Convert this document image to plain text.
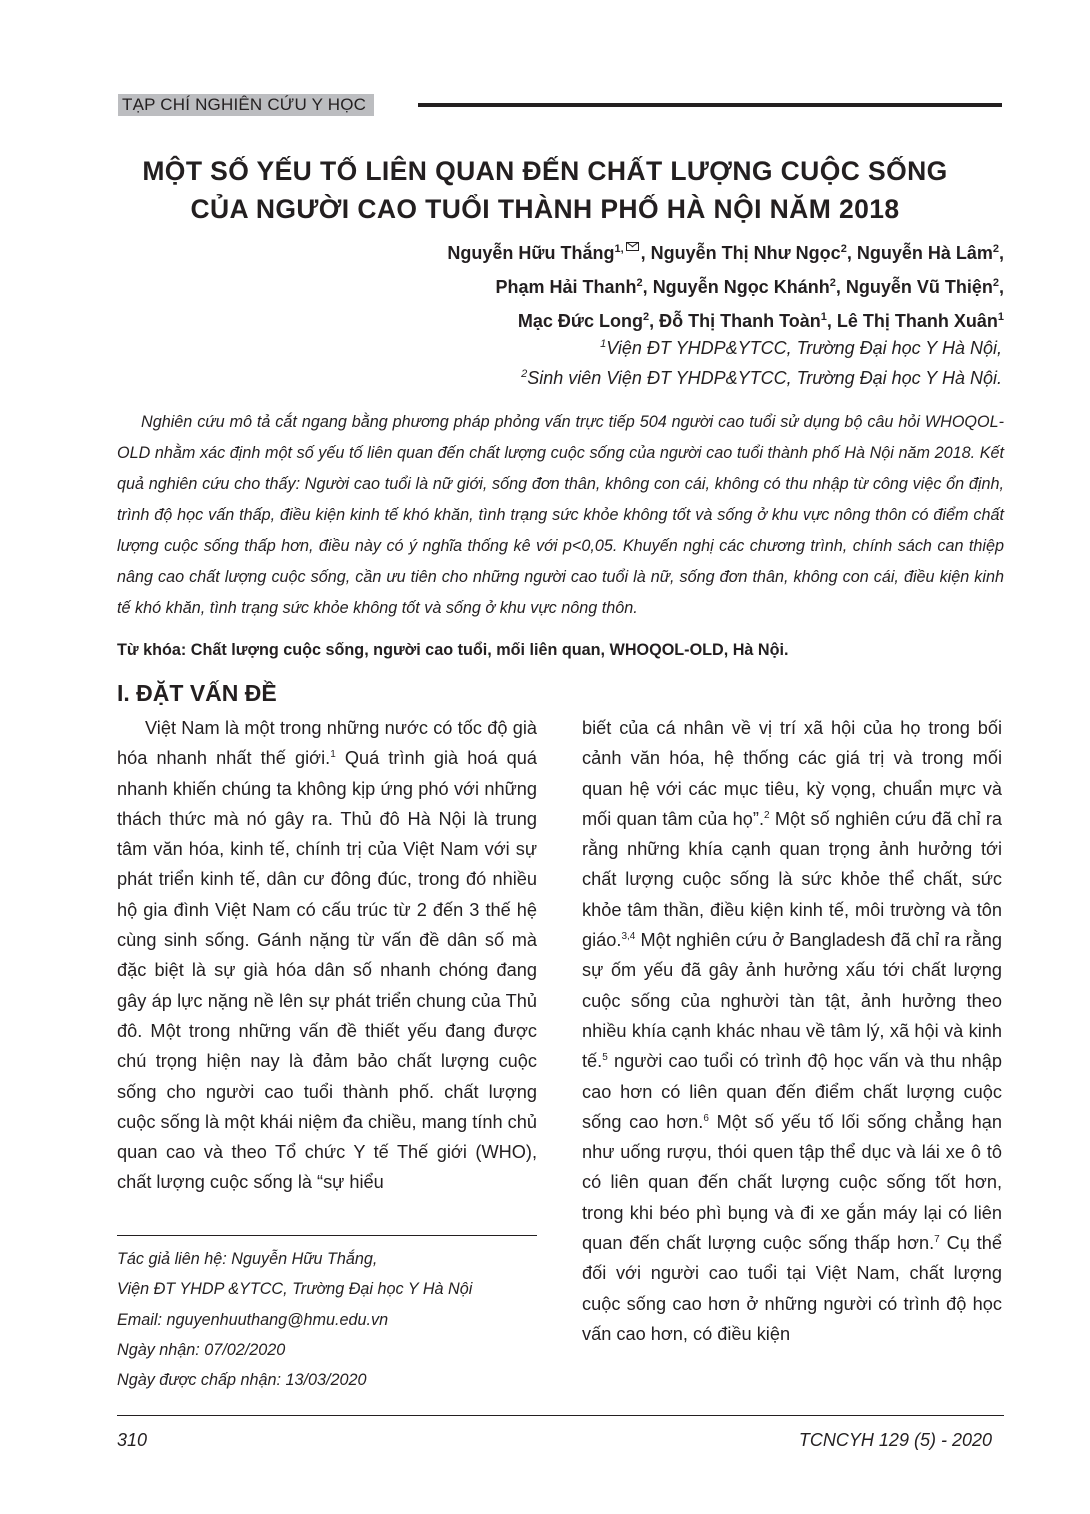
TẠP CHÍ NGHIÊN CỨU Y HỌC
MỘT SỐ YẾU TỐ LIÊN QUAN ĐẾN CHẤT LƯỢNG CUỘC SỐNG
CỦA NGƯỜI CAO TUỔI THÀNH PHỐ HÀ NỘI NĂM 2018
Nguyễn Hữu Thắng$^{1,}$ , Nguyễn Thị Như Ngọc$^2$, Nguyễn Hà Lâm$^2$,
Phạm Hải Thanh$^2$, Nguyễn Ngọc Khánh$^2$, Nguyễn Vũ Thiện$^2$,
Mạc Đức Long$^2$, Đỗ Thị Thanh Toàn$^1$, Lê Thị Thanh Xuân$^1$
$^1$Viện ĐT YHDP&YTCC, Trường Đại học Y Hà Nội,
$^2$Sinh viên Viện ĐT YHDP&YTCC, Trường Đại học Y Hà Nội.
Nghiên cứu mô tả cắt ngang bằng phương pháp phỏng vấn trực tiếp 504 người cao tuổi sử dụng bộ câu hỏi WHOQOL-OLD nhằm xác định một số yếu tố liên quan đến chất lượng cuộc sống của người cao tuổi thành phố Hà Nội năm 2018. Kết quả nghiên cứu cho thấy: Người cao tuổi là nữ giới, sống đơn thân, không con cái, không có thu nhập từ công việc ổn định, trình độ học vấn thấp, điều kiện kinh tế khó khăn, tình trạng sức khỏe không tốt và sống ở khu vực nông thôn có điểm chất lượng cuộc sống thấp hơn, điều này có ý nghĩa thống kê với p<0,05. Khuyến nghị các chương trình, chính sách can thiệp nâng cao chất lượng cuộc sống, cần ưu tiên cho những người cao tuổi là nữ, sống đơn thân, không con cái, điều kiện kinh tế khó khăn, tình trạng sức khỏe không tốt và sống ở khu vực nông thôn.
Từ khóa: Chất lượng cuộc sống, người cao tuổi, mối liên quan, WHOQOL-OLD, Hà Nội.
I. ĐẶT VẤN ĐỀ
Việt Nam là một trong những nước có tốc độ già hóa nhanh nhất thế giới.$^1$ Quá trình già hoá quá nhanh khiến chúng ta không kịp ứng phó với những thách thức mà nó gây ra. Thủ đô Hà Nội là trung tâm văn hóa, kinh tế, chính trị của Việt Nam với sự phát triển kinh tế, dân cư đông đúc, trong đó nhiều hộ gia đình Việt Nam có cấu trúc từ 2 đến 3 thế hệ cùng sinh sống. Gánh nặng từ vấn đề dân số mà đặc biệt là sự già hóa dân số nhanh chóng đang gây áp lực nặng nề lên sự phát triển chung của Thủ đô. Một trong những vấn đề thiết yếu đang được chú trọng hiện nay là đảm bảo chất lượng cuộc sống cho người cao tuổi thành phố. chất lượng cuộc sống là một khái niệm đa chiều, mang tính chủ quan cao và theo Tổ chức Y tế Thế giới (WHO), chất lượng cuộc sống là “sự hiểu
biết của cá nhân về vị trí xã hội của họ trong bối cảnh văn hóa, hệ thống các giá trị và trong mối quan hệ với các mục tiêu, kỳ vọng, chuẩn mực và mối quan tâm của họ”.$^2$ Một số nghiên cứu đã chỉ ra rằng những khía cạnh quan trọng ảnh hưởng tới chất lượng cuộc sống là sức khỏe thể chất, sức khỏe tâm thần, điều kiện kinh tế, môi trường và tôn giáo.$^{3,4}$ Một nghiên cứu ở Bangladesh đã chỉ ra rằng sự ốm yếu đã gây ảnh hưởng xấu tới chất lượng cuộc sống của nghười tàn tật, ảnh hưởng theo nhiều khía cạnh khác nhau về tâm lý, xã hội và kinh tế.$^5$ người cao tuổi có trình độ học vấn và thu nhập cao hơn có liên quan đến điểm chất lượng cuộc sống cao hơn.$^6$ Một số yếu tố lối sống chẳng hạn như uống rượu, thói quen tập thể dục và lái xe ô tô có liên quan đến chất lượng cuộc sống tốt hơn, trong khi béo phì bụng và đi xe gắn máy lại có liên quan đến chất lượng cuộc sống thấp hơn.$^7$ Cụ thể đối với người cao tuổi tại Việt Nam, chất lượng cuộc sống cao hơn ở những người có trình độ học vấn cao hơn, có điều kiện
Tác giả liên hệ: Nguyễn Hữu Thắng,
Viện ĐT YHDP &YTCC, Trường Đại học Y Hà Nội
Email: nguyenhuuthang@hmu.edu.vn
Ngày nhận: 07/02/2020
Ngày được chấp nhận: 13/03/2020
310	TCNCYH 129 (5) - 2020
